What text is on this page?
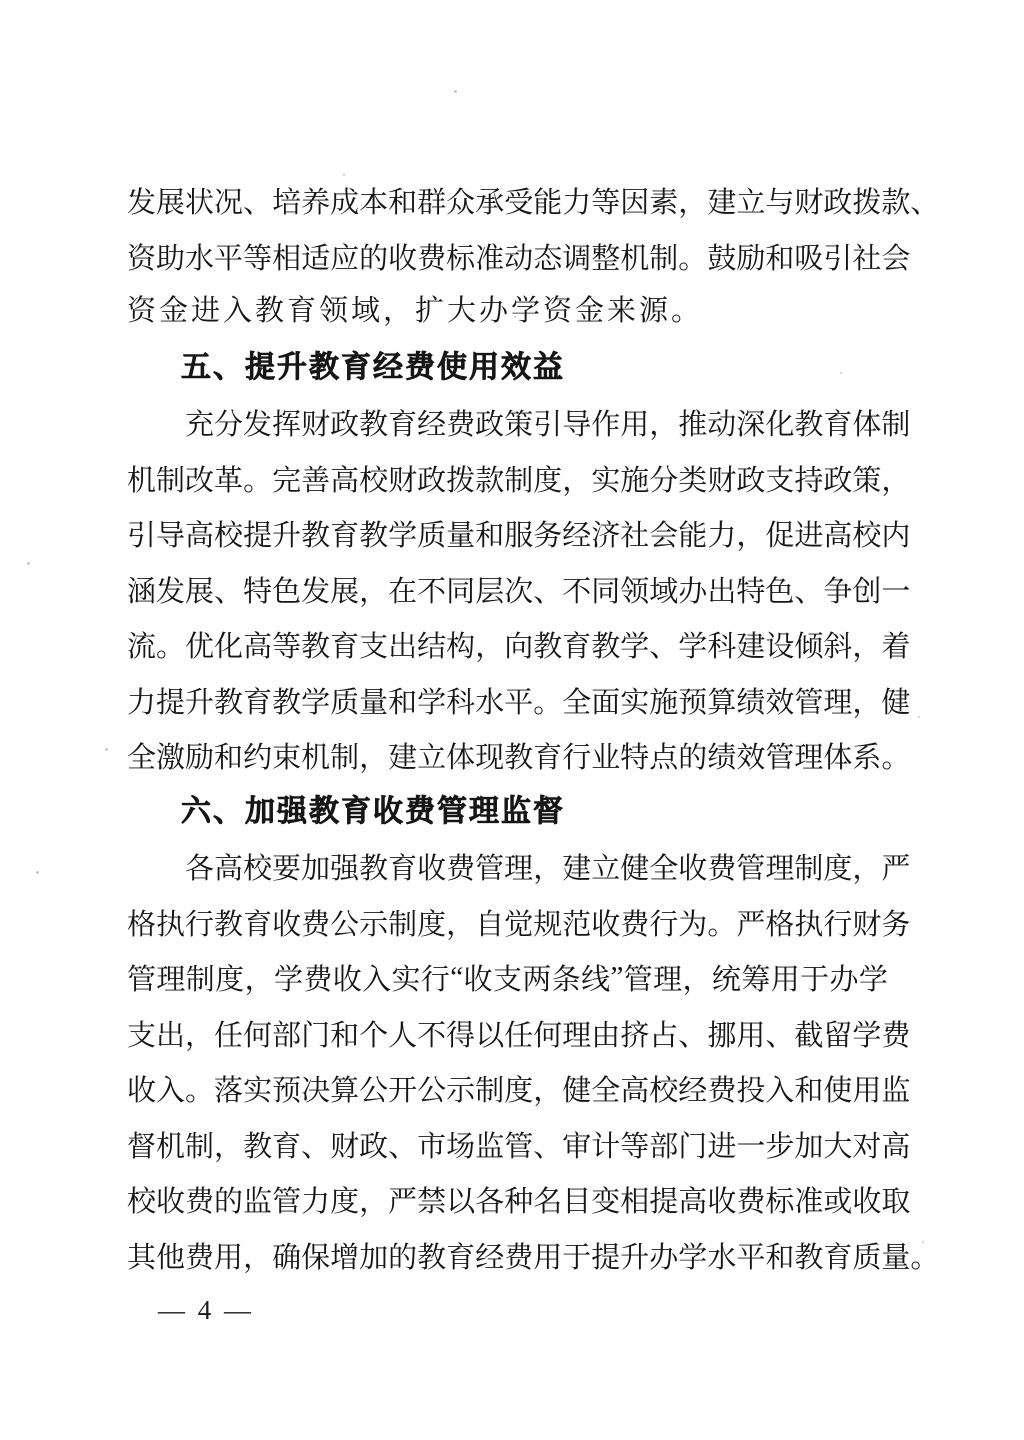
发 展 状 况 、 培 养 成 本 和 群 众 承 受 能 力 等 因 素 ， 建 立 与 财 政 拨 款 、
资 助 水 平 等 相 适 应 的 收 费 标 准 动 态 调 整 机 制 。 鼓 励 和 吸 引 社 会
资金进入教育领域，扩大办学资金来源。
五、提升教育经费使用效益
充 分 发 挥 财 政 教 育 经 费 政 策 引 导 作 用 ， 推 动 深 化 教 育 体 制
机 制 改 革 。 完 善 高 校 财 政 拨 款 制 度 ， 实 施 分 类 财 政 支 持 政 策 ，
引 导 高 校 提 升 教 育 教 学 质 量 和 服 务 经 济 社 会 能 力 ， 促 进 高 校 内
涵 发 展 、 特 色 发 展 ， 在 不 同 层 次 、 不 同 领 域 办 出 特 色 、 争 创 一
流 。 优 化 高 等 教 育 支 出 结 构 ， 向 教 育 教 学 、 学 科 建 设 倾 斜 ， 着
力 提 升 教 育 教 学 质 量 和 学 科 水 平 。 全 面 实 施 预 算 绩 效 管 理 ， 健
全 激 励 和 约 束 机 制 ， 建 立 体 现 教 育 行 业 特 点 的 绩 效 管 理 体 系 。
六、加强教育收费管理监督
各 高 校 要 加 强 教 育 收 费 管 理 ， 建 立 健 全 收 费 管 理 制 度 ， 严
格 执 行 教 育 收 费 公 示 制 度 ， 自 觉 规 范 收 费 行 为 。 严 格 执 行 财 务
管 理 制 度 ， 学 费 收 入 实 行 “ 收 支 两 条 线 ” 管 理 ， 统 筹 用 于 办 学
支 出 ， 任 何 部 门 和 个 人 不 得 以 任 何 理 由 挤 占 、 挪 用 、 截 留 学 费
收 入 。 落 实 预 决 算 公 开 公 示 制 度 ， 健 全 高 校 经 费 投 入 和 使 用 监
督 机 制 ， 教 育 、 财 政 、 市 场 监 管 、 审 计 等 部 门 进 一 步 加 大 对 高
校 收 费 的 监 管 力 度 ， 严 禁 以 各 种 名 目 变 相 提 高 收 费 标 准 或 收 取
其 他 费 用 ， 确 保 增 加 的 教 育 经 费 用 于 提 升 办 学 水 平 和 教 育 质 量 。
— 4 —
